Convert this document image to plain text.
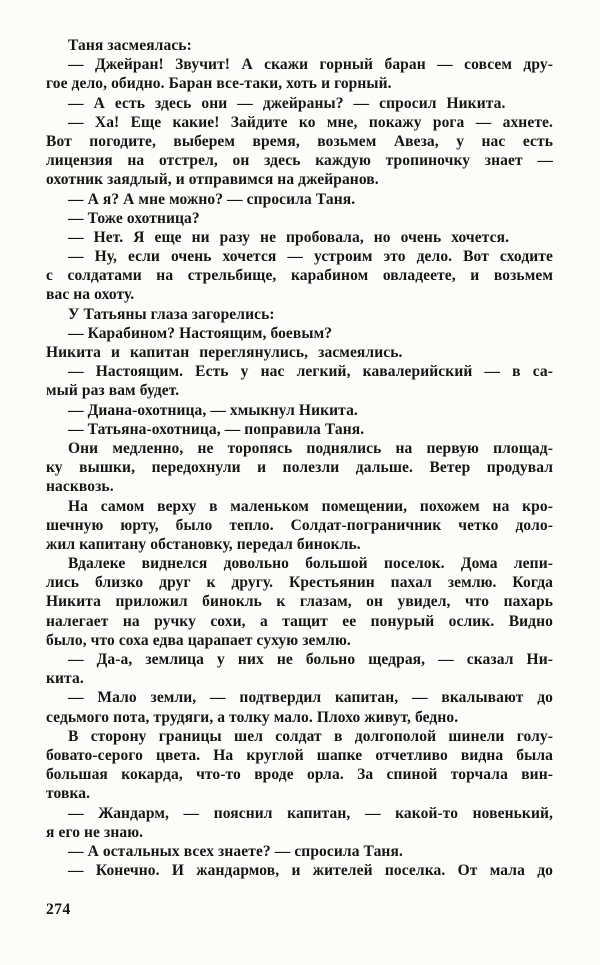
Таня засмеялась:
— Джейран! Звучит! А скажи горный баран — совсем дру-
гое дело, обидно. Баран все-таки, хоть и горный.
— А есть здесь они — джейраны? — спросил Никита.
— Ха! Еще какие! Зайдите ко мне, покажу рога — ахнете.
Вот погодите, выберем время, возьмем Авеза, у нас есть
лицензия на отстрел, он здесь каждую тропиночку знает —
охотник заядлый, и отправимся на джейранов.
— А я? А мне можно? — спросила Таня.
— Тоже охотница?
— Нет. Я еще ни разу не пробовала, но очень хочется.
— Ну, если очень хочется — устроим это дело. Вот сходите
с солдатами на стрельбище, карабином овладеете, и возьмем
вас на охоту.
У Татьяны глаза загорелись:
— Карабином? Настоящим, боевым?
Никита и капитан переглянулись, засмеялись.
— Настоящим. Есть у нас легкий, кавалерийский — в са-
мый раз вам будет.
— Диана-охотница, — хмыкнул Никита.
— Татьяна-охотница, — поправила Таня.
Они медленно, не торопясь поднялись на первую площад-
ку вышки, передохнули и полезли дальше. Ветер продувал
насквозь.
На самом верху в маленьком помещении, похожем на кро-
шечную юрту, было тепло. Солдат-пограничник четко доло-
жил капитану обстановку, передал бинокль.
Вдалеке виднелся довольно большой поселок. Дома лепи-
лись близко друг к другу. Крестьянин пахал землю. Когда
Никита приложил бинокль к глазам, он увидел, что пахарь
налегает на ручку сохи, а тащит ее понурый ослик. Видно
было, что соха едва царапает сухую землю.
— Да-а, землица у них не больно щедрая, — сказал Ни-
кита.
— Мало земли, — подтвердил капитан, — вкалывают до
седьмого пота, трудяги, а толку мало. Плохо живут, бедно.
В сторону границы шел солдат в долгополой шинели голу-
бовато-серого цвета. На круглой шапке отчетливо видна была
большая кокарда, что-то вроде орла. За спиной торчала вин-
товка.
— Жандарм, — пояснил капитан, — какой-то новенький,
я его не знаю.
— А остальных всех знаете? — спросила Таня.
— Конечно. И жандармов, и жителей поселка. От мала до
274
